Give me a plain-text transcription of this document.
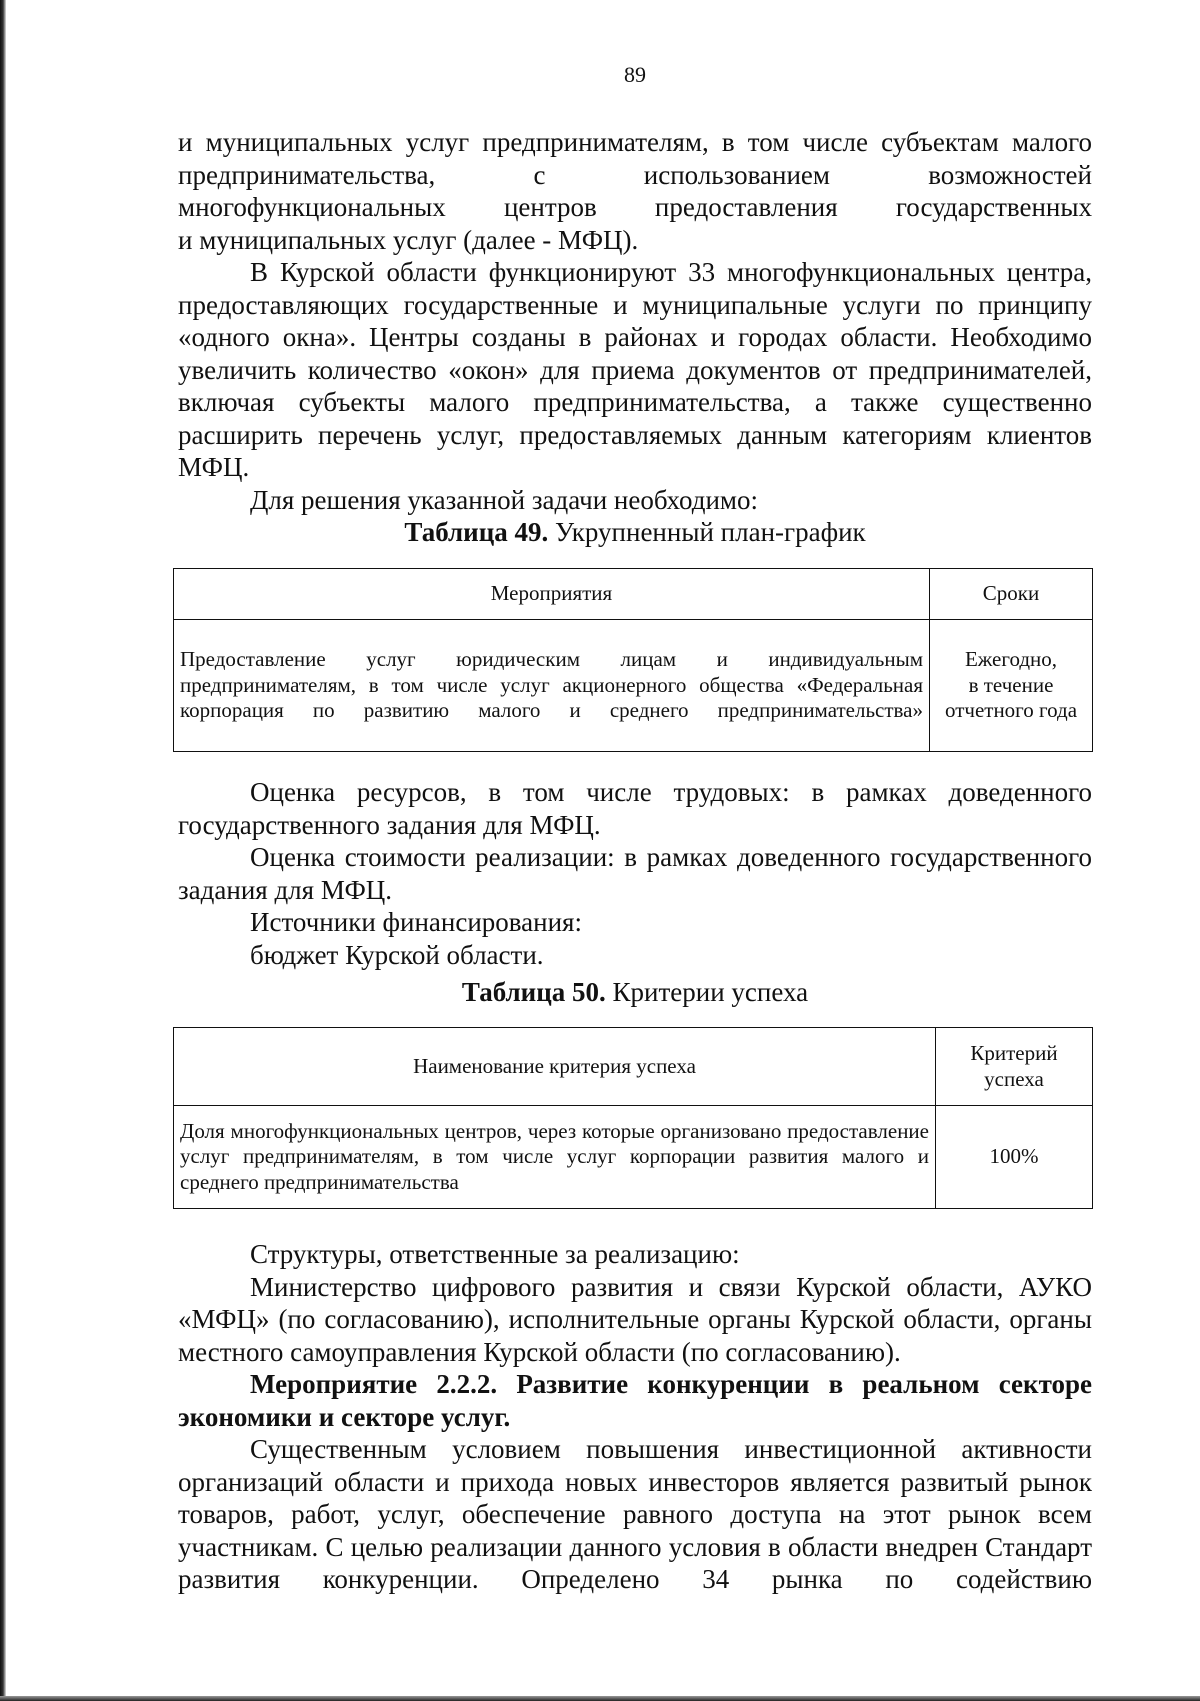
89

и муниципальных услуг предпринимателям, в том числе субъектам малого

предпринимательства, с использованием возможностей

многофункциональных центров предоставления государственных

и муниципальных услуг (далее - МФЦ).

В Курской области функционируют 33 многофункциональных центра, предоставляющих государственные и муниципальные услуги по принципу «одного окна». Центры созданы в районах и городах области. Необходимо увеличить количество «окон» для приема документов от предпринимателей, включая субъекты малого предпринимательства, а также существенно расширить перечень услуг, предоставляемых данным категориям клиентов МФЦ.

Для решения указанной задачи необходимо:

Таблица 49. Укрупненный план-график

Мероприятия	Сроки

Предоставление услуг юридическим лицам и индивидуальным предпринимателям, в том числе услуг акционерного общества «Федеральная корпорация по развитию малого и среднего предпринимательства»	Ежегодно,
в течение
отчетного года

Оценка ресурсов, в том числе трудовых: в рамках доведенного государственного задания для МФЦ.

Оценка стоимости реализации: в рамках доведенного государственного задания для МФЦ.

Источники финансирования:

бюджет Курской области.

Таблица 50. Критерии успеха

Наименование критерия успеха	Критерий
успеха

Доля многофункциональных центров, через которые организовано предоставление услуг предпринимателям, в том числе услуг корпорации развития малого и среднего предпринимательства	100%

Структуры, ответственные за реализацию:

Министерство цифрового развития и связи Курской области, АУКО «МФЦ» (по согласованию), исполнительные органы Курской области, органы местного самоуправления Курской области (по согласованию).

Мероприятие 2.2.2. Развитие конкуренции в реальном секторе экономики и секторе услуг.

Существенным условием повышения инвестиционной активности организаций области и прихода новых инвесторов является развитый рынок товаров, работ, услуг, обеспечение равного доступа на этот рынок всем участникам. С целью реализации данного условия в области внедрен Стандарт развития конкуренции. Определено 34 рынка по содействию
